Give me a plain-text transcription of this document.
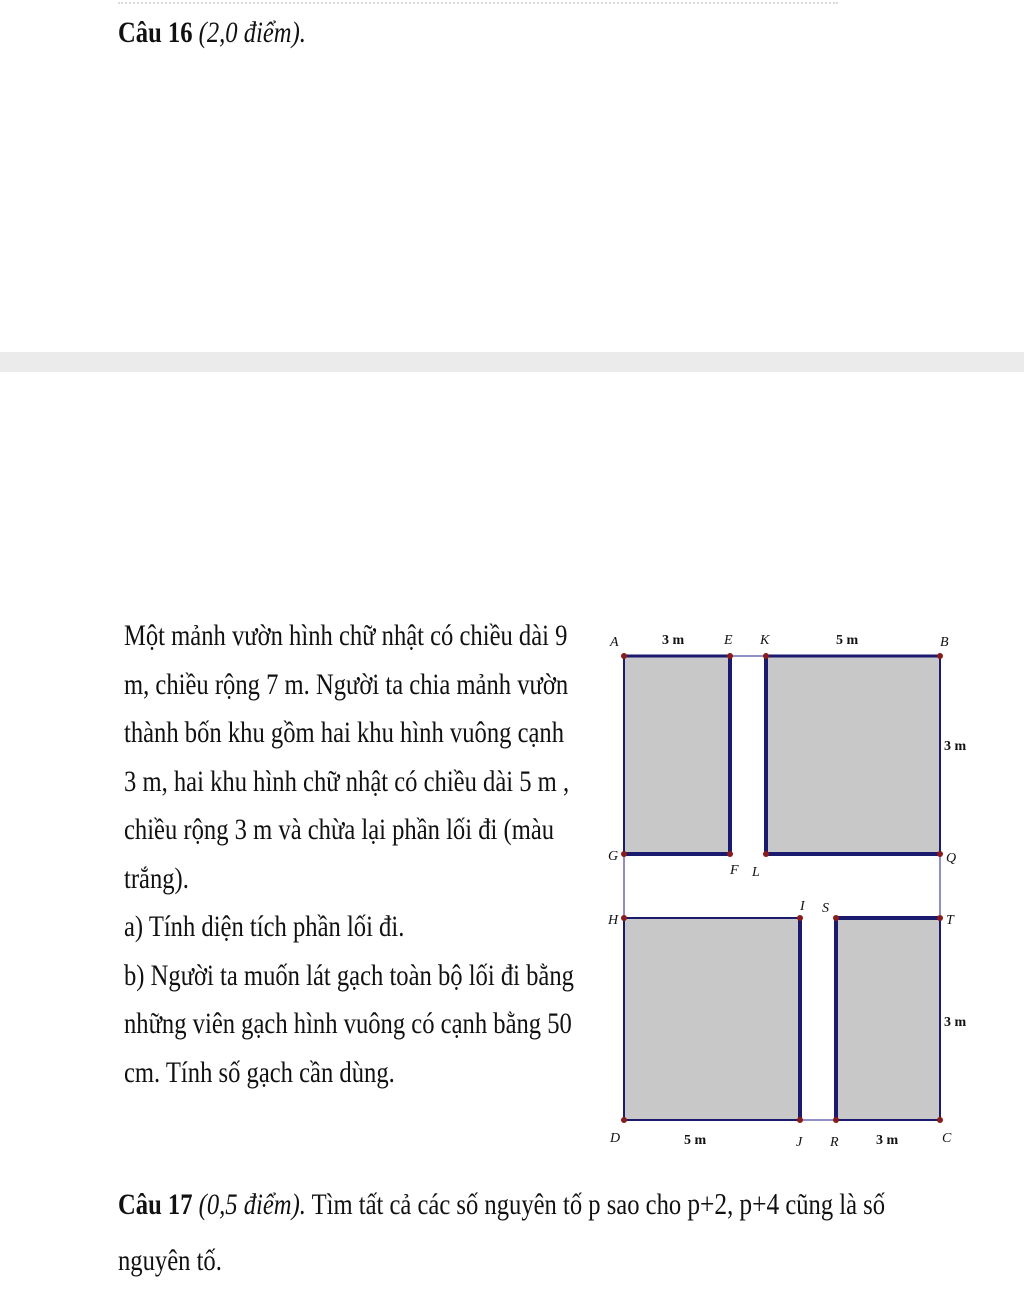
Câu 16 (2,0 điểm).
Một mảnh vườn hình chữ nhật có chiều dài 9
m, chiều rộng 7 m. Người ta chia mảnh vườn
thành bốn khu gồm hai khu hình vuông cạnh
3 m, hai khu hình chữ nhật có chiều dài 5 m ,
chiều rộng 3 m và chừa lại phần lối đi (màu
trắng).
a) Tính diện tích phần lối đi.
b) Người ta muốn lát gạch toàn bộ lối đi bằng
những viên gạch hình vuông có cạnh bằng 50
cm. Tính số gạch cần dùng.
A	E K	B
G
F L
Q
H
I S
T
D	J R	C
3 m	5 m
3 m
3 m
5 m	3 m
Câu 17 (0,5 điểm). Tìm tất cả các số nguyên tố p sao cho p+2, p+4 cũng là số
nguyên tố.
